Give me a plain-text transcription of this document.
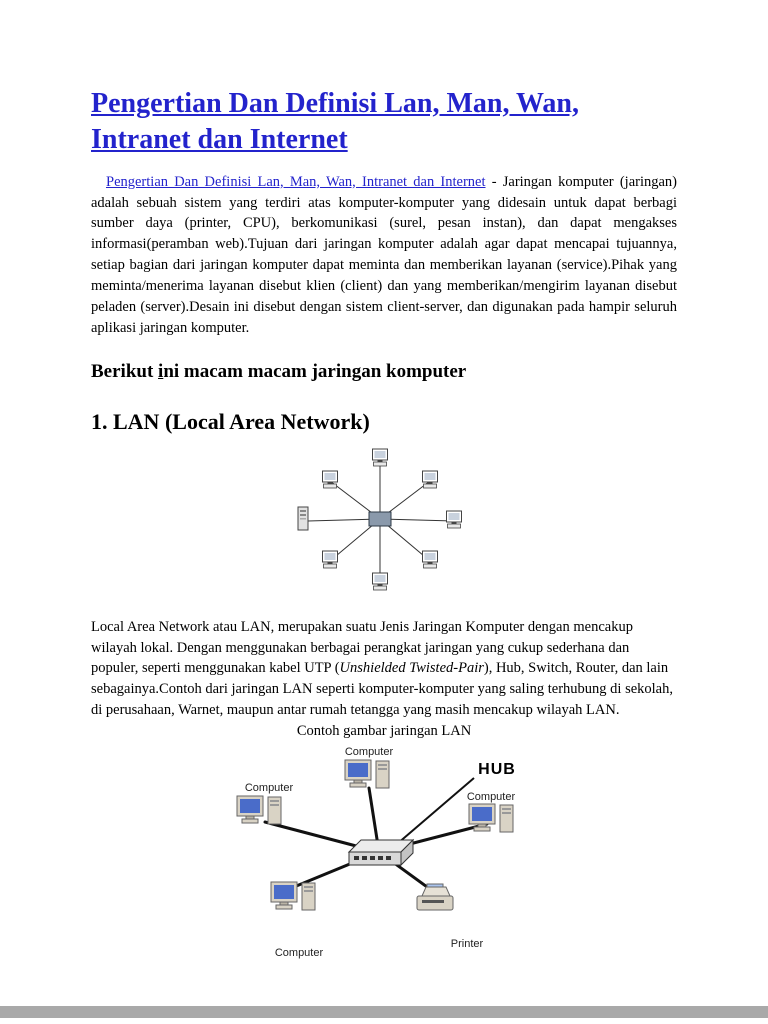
Pengertian Dan Definisi Lan, Man, Wan, Intranet dan Internet

Pengertian Dan Definisi Lan, Man, Wan, Intranet dan Internet - Jaringan komputer (jaringan) adalah sebuah sistem yang terdiri atas komputer-komputer yang didesain untuk dapat berbagi sumber daya (printer, CPU), berkomunikasi (surel, pesan instan), dan dapat mengakses informasi(peramban web).Tujuan dari jaringan komputer adalah agar dapat mencapai tujuannya, setiap bagian dari jaringan komputer dapat meminta dan memberikan layanan (service).Pihak yang meminta/menerima layanan disebut klien (client) dan yang memberikan/mengirim layanan disebut peladen (server).Desain ini disebut dengan sistem client-server, dan digunakan pada hampir seluruh aplikasi jaringan komputer.

Berikut ini macam macam jaringan komputer
1. LAN (Local Area Network)

Local Area Network atau LAN, merupakan suatu Jenis Jaringan Komputer dengan mencakup wilayah lokal. Dengan menggunakan berbagai perangkat jaringan yang cukup sederhana dan populer, seperti menggunakan kabel UTP (Unshielded Twisted-Pair), Hub, Switch, Router, dan lain sebagainya.Contoh dari jaringan LAN seperti komputer-komputer yang saling terhubung di sekolah, di perusahaan, Warnet, maupun antar rumah tetangga yang masih mencakup wilayah LAN.

Contoh gambar jaringan LAN
Computer
HUB
Computer
Computer
Computer
Printer
